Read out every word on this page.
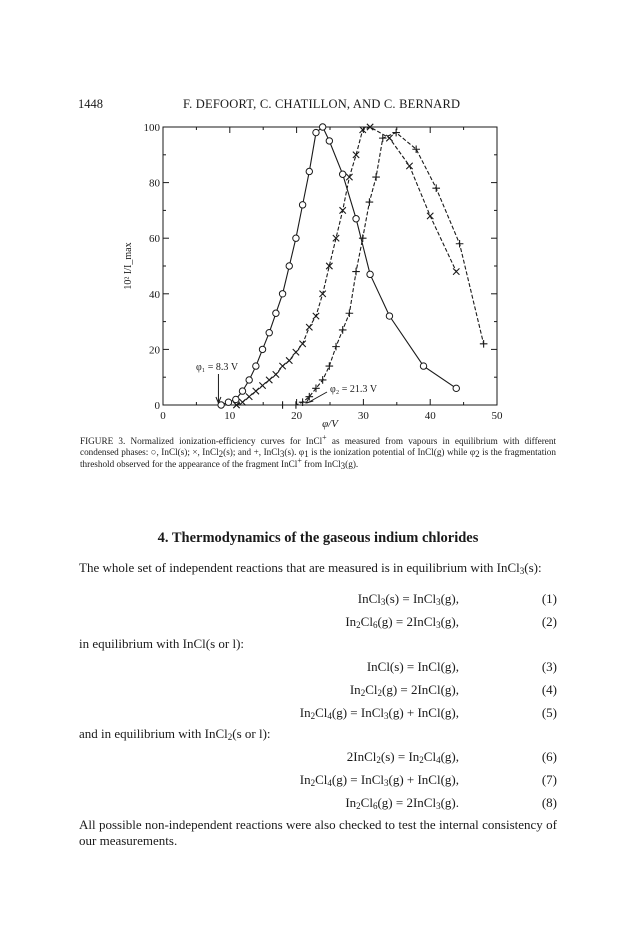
1448	F. DEFOORT, C. CHATILLON, AND C. BERNARD
0	10	20	30	40	50
0
20
40
60
80
100
φ/V
10² I/I_max
φ₁ = 8.3 V
φ₂ = 21.3 V
FIGURE 3. Normalized ionization-efficiency curves for InCl+ as measured from vapours in equilibrium with different condensed phases: ○, InCl(s); ×, InCl$_2$(s); and +, InCl$_3$(s). $\varphi_1$ is the ionization potential of InCl(g) while $\varphi_2$ is the fragmentation threshold observed for the appearance of the fragment InCl+ from InCl$_3$(g).
4. Thermodynamics of the gaseous indium chlorides
The whole set of independent reactions that are measured is in equilibrium with InCl$_3$(s):
InCl$_3$(s) = InCl$_3$(g),	(1)
$In_2Cl_6(g)$ = 2InCl$_3$(g),	(2)
in equilibrium with InCl(s or l):
InCl(s) = InCl(g),	(3)
$In_2Cl_2(g)$ = 2InCl(g),	(4)
$In_2Cl_4(g)$ = InCl$_3$(g) + InCl(g),	(5)
and in equilibrium with InCl$_2$(s or l):
2InCl$_2$(s) = $In_2Cl_4(g)$,	(6)
$In_2Cl_4(g)$ = InCl$_3$(g) + InCl(g),	(7)
$In_2Cl_6(g)$ = 2InCl$_3$(g).	(8)
All possible non-independent reactions were also checked to test the internal consistency of our measurements.
